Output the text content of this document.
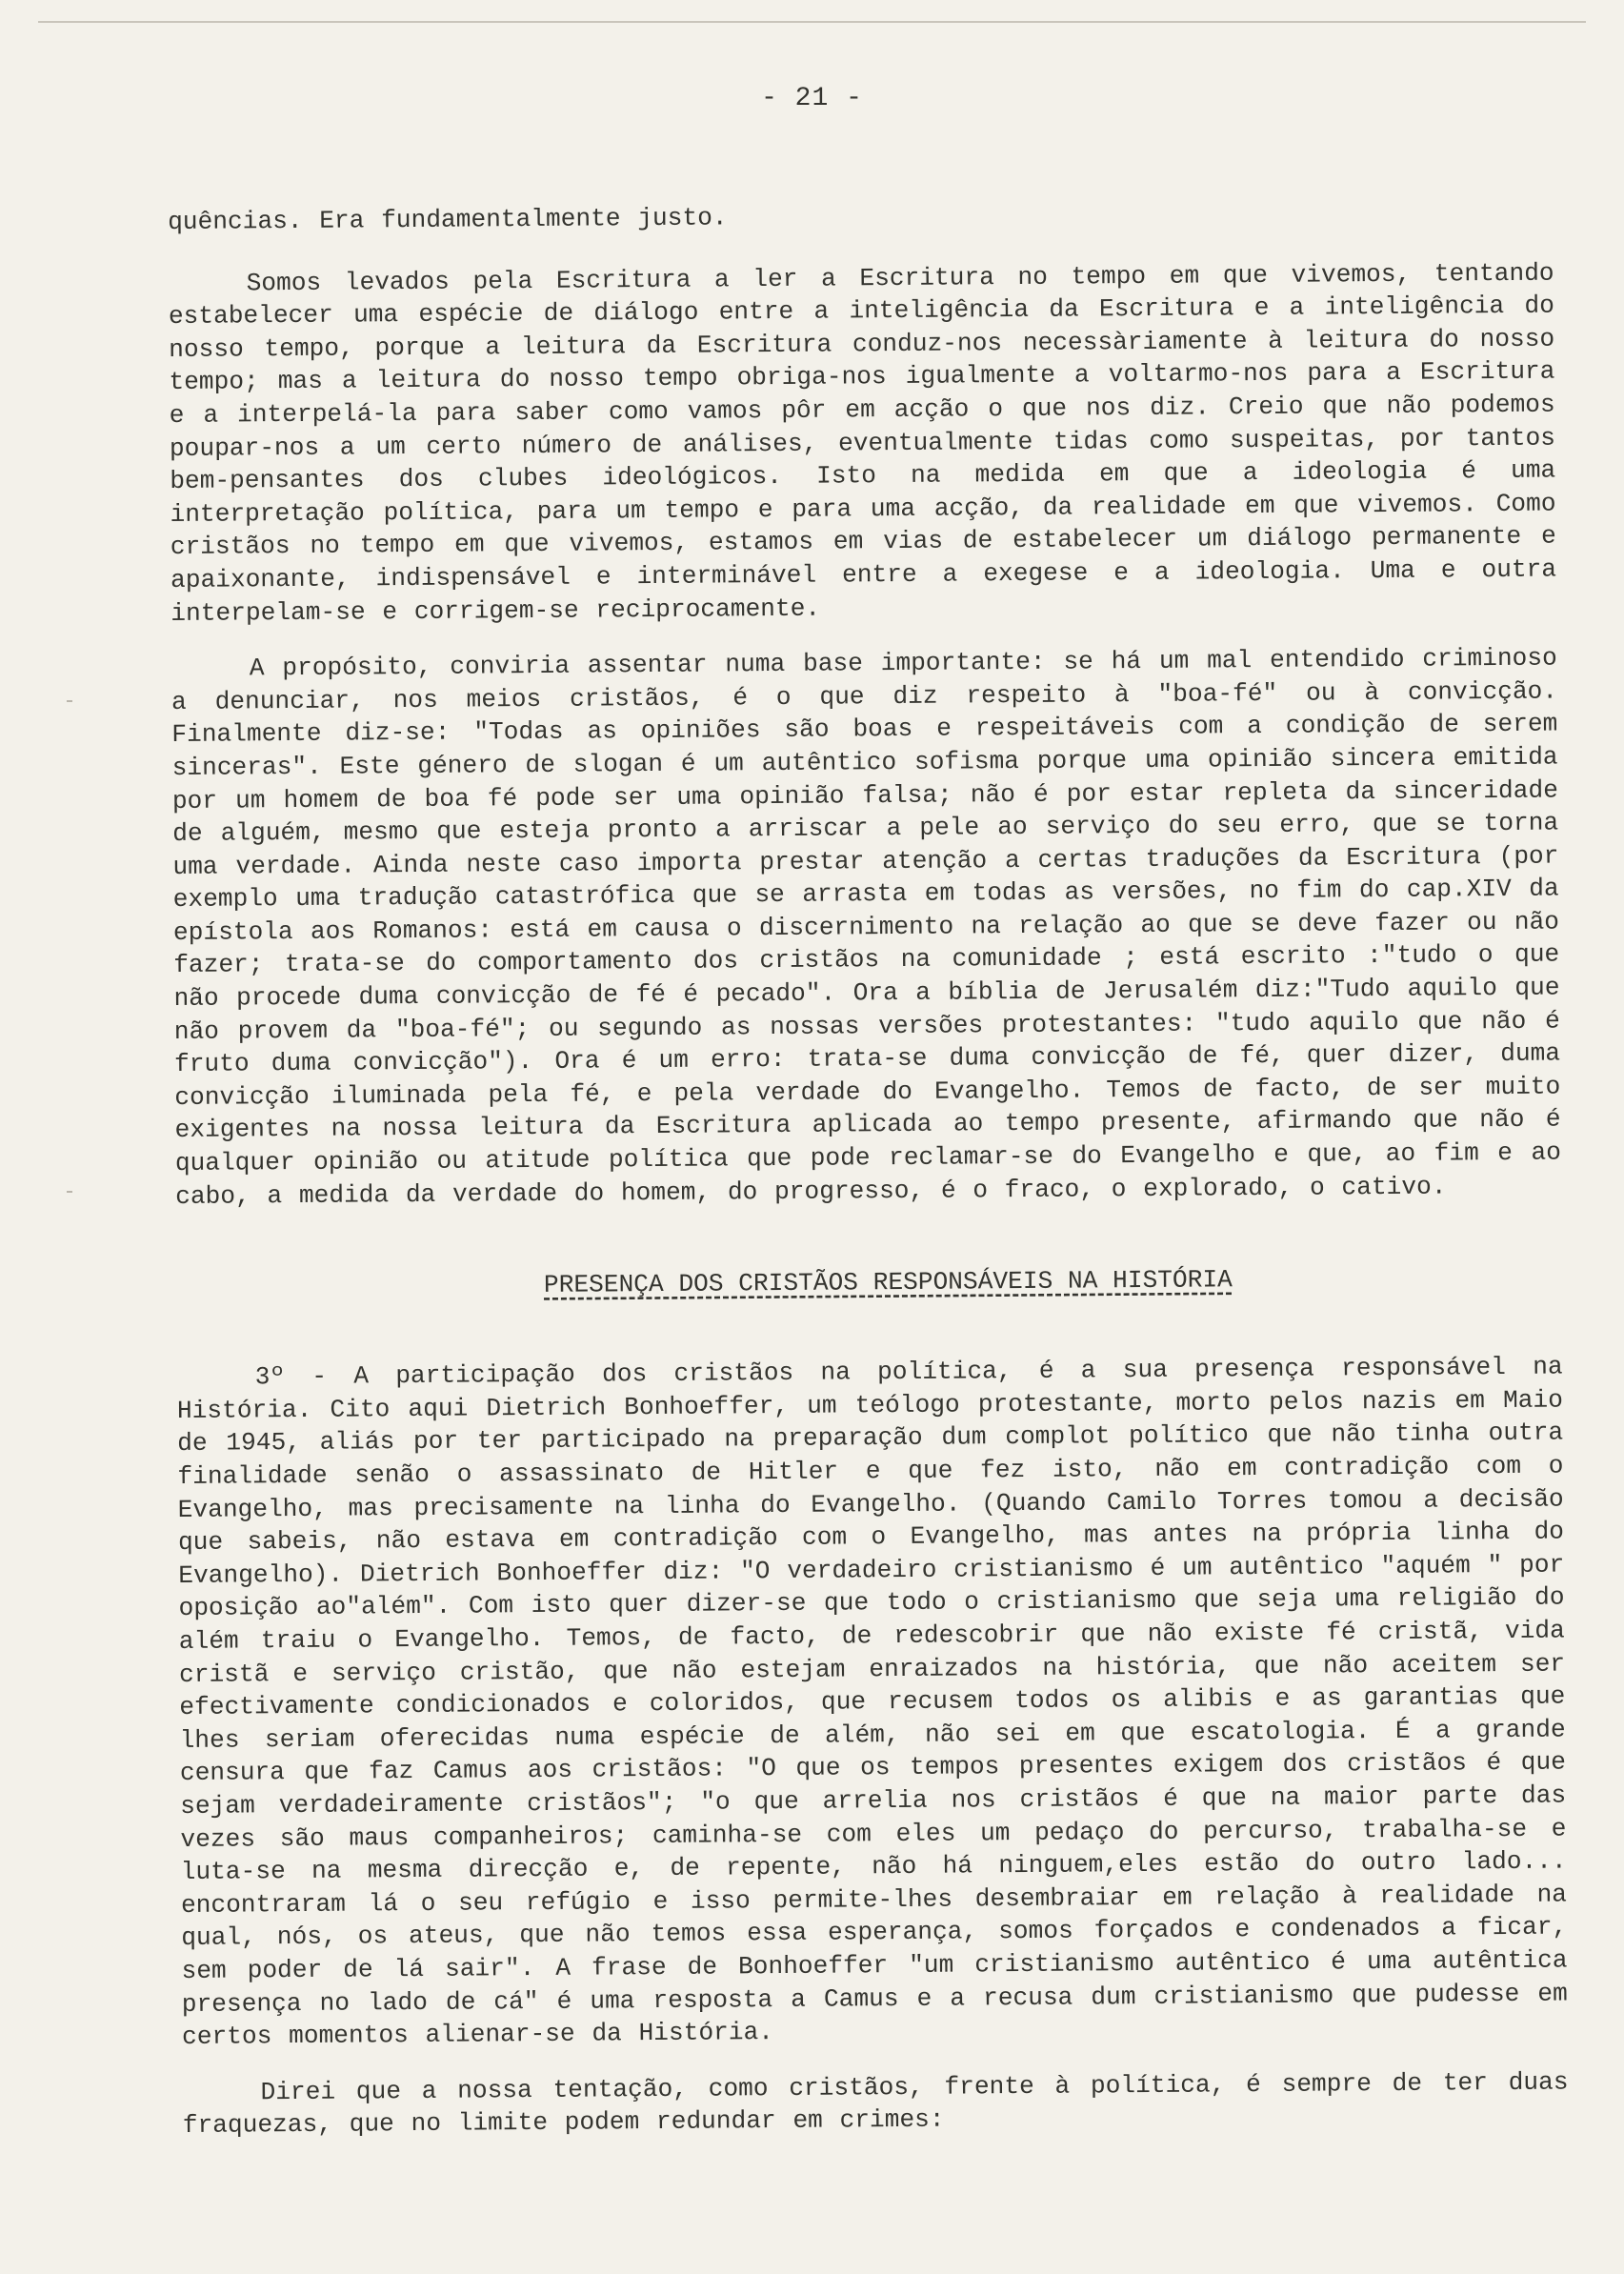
- 21 -

quências. Era fundamentalmente justo.

Somos levados pela Escritura a ler a Escritura no tempo em que vivemos, tentando estabelecer uma espécie de diálogo entre a inteligência da Escritura e a inteligência do nosso tempo, porque a leitura da Escritura conduz-nos necessàriamente à leitura do nosso tempo; mas a leitura do nosso tempo obriga-nos igualmente a voltarmo-nos para a Escritura e a interpelá-la para saber como vamos pôr em acção o que nos diz. Creio que não podemos poupar-nos a um certo número de análises, eventualmente tidas como suspeitas, por tantos bem-pensantes dos clubes ideológicos. Isto na medida em que a ideologia é uma interpretação política, para um tempo e para uma acção, da realidade em que vivemos. Como cristãos no tempo em que vivemos, estamos em vias de estabelecer um diálogo permanente e apaixonante, indispensável e interminável entre a exegese e a ideologia. Uma e outra interpelam-se e corrigem-se reciprocamente.

A propósito, conviria assentar numa base importante: se há um mal entendido criminoso a denunciar, nos meios cristãos, é o que diz respeito à "boa-fé" ou à convicção. Finalmente diz-se: "Todas as opiniões são boas e respeitáveis com a condição de serem sinceras". Este género de slogan é um autêntico sofisma porque uma opinião sincera emitida por um homem de boa fé pode ser uma opinião falsa; não é por estar repleta da sinceridade de alguém, mesmo que esteja pronto a arriscar a pele ao serviço do seu erro, que se torna uma verdade. Ainda neste caso importa prestar atenção a certas traduções da Escritura (por exemplo uma tradução catastrófica que se arrasta em todas as versões, no fim do cap.XIV da epístola aos Romanos: está em causa o discernimento na relação ao que se deve fazer ou não fazer; trata-se do comportamento dos cristãos na comunidade ; está escrito :"tudo o que não procede duma convicção de fé é pecado". Ora a bíblia de Jerusalém diz:"Tudo aquilo que não provem da "boa-fé"; ou segundo as nossas versões protestantes: "tudo aquilo que não é fruto duma convicção"). Ora é um erro: trata-se duma convicção de fé, quer dizer, duma convicção iluminada pela fé, e pela verdade do Evangelho. Temos de facto, de ser muito exigentes na nossa leitura da Escritura aplicada ao tempo presente, afirmando que não é qualquer opinião ou atitude política que pode reclamar-se do Evangelho e que, ao fim e ao cabo, a medida da verdade do homem, do progresso, é o fraco, o explorado, o cativo.

PRESENÇA DOS CRISTÃOS RESPONSÁVEIS NA HISTÓRIA

3º - A participação dos cristãos na política, é a sua presença responsável na História. Cito aqui Dietrich Bonhoeffer, um teólogo protestante, morto pelos nazis em Maio de 1945, aliás por ter participado na preparação dum complot político que não tinha outra finalidade senão o assassinato de Hitler e que fez isto, não em contradição com o Evangelho, mas precisamente na linha do Evangelho. (Quando Camilo Torres tomou a decisão que sabeis, não estava em contradição com o Evangelho, mas antes na própria linha do Evangelho). Dietrich Bonhoeffer diz: "O verdadeiro cristianismo é um autêntico "aquém " por oposição ao"além". Com isto quer dizer-se que todo o cristianismo que seja uma religião do além traiu o Evangelho. Temos, de facto, de redescobrir que não existe fé cristã, vida cristã e serviço cristão, que não estejam enraizados na história, que não aceitem ser efectivamente condicionados e coloridos, que recusem todos os alibis e as garantias que lhes seriam oferecidas numa espécie de além, não sei em que escatologia. É a grande censura que faz Camus aos cristãos: "O que os tempos presentes exigem dos cristãos é que sejam verdadeiramente cristãos"; "o que arrelia nos cristãos é que na maior parte das vezes são maus companheiros; caminha-se com eles um pedaço do percurso, trabalha-se e luta-se na mesma direcção e, de repente, não há ninguem,eles estão do outro lado... encontraram lá o seu refúgio e isso permite-lhes desembraiar em relação à realidade na qual, nós, os ateus, que não temos essa esperança, somos forçados e condenados a ficar, sem poder de lá sair". A frase de Bonhoeffer "um cristianismo autêntico é uma autêntica presença no lado de cá" é uma resposta a Camus e a recusa dum cristianismo que pudesse em certos momentos alienar-se da História.

Direi que a nossa tentação, como cristãos, frente à política, é sempre de ter duas fraquezas, que no limite podem redundar em crimes:
